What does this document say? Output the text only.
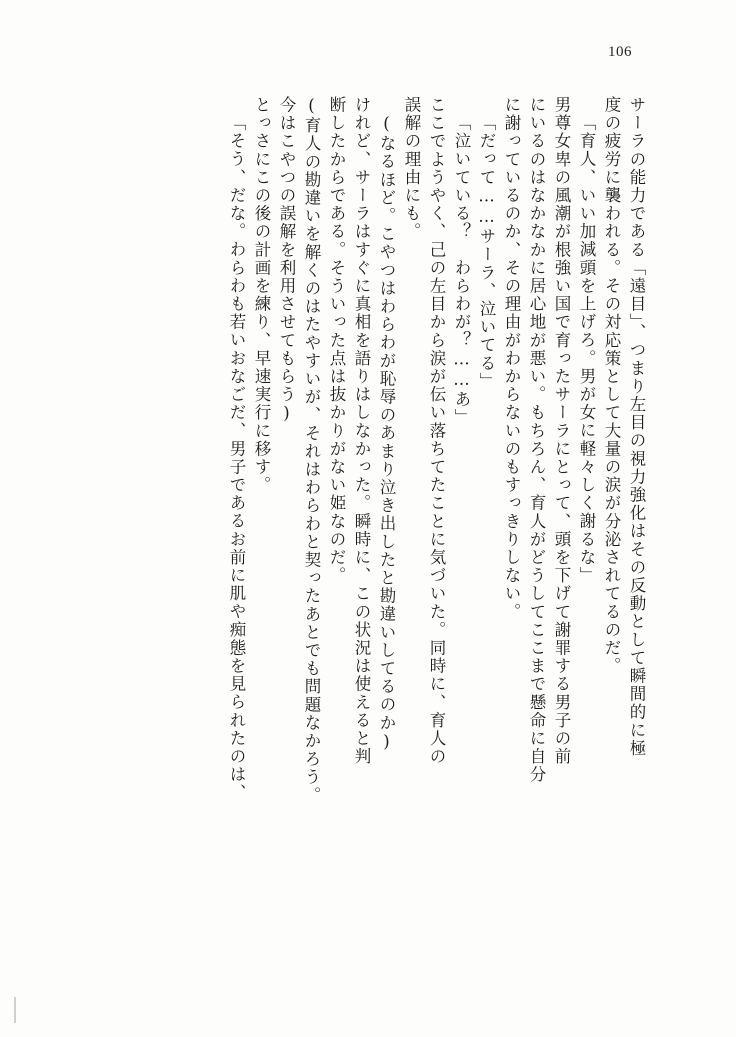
106
サーラの能力である「遠目」、つまり左目の視力強化はその反動として瞬間的に極
度の疲労に襲われる。その対応策として大量の涙が分泌されてるのだ。
「育人、いい加減頭を上げろ。男が女に軽々しく謝るな」
男尊女卑の風潮が根強い国で育ったサーラにとって、頭を下げて謝罪する男子の前
にいるのはなかなかに居心地が悪い。もちろん、育人がどうしてここまで懸命に自分
に謝っているのか、その理由がわからないのもすっきりしない。
「だって……サーラ、泣いてる」
「泣いている？　わらわが？……あ」
ここでようやく、己の左目から涙が伝い落ちてたことに気づいた。同時に、育人の
誤解の理由にも。
(なるほど。こやつはわらわが恥辱のあまり泣き出したと勘違いしてるのか)
けれど、サーラはすぐに真相を語りはしなかった。瞬時に、この状況は使えると判
断したからである。そういった点は抜かりがない姫なのだ。
(育人の勘違いを解くのはたやすいが、それはわらわと契ったあとでも問題なかろう。
今はこやつの誤解を利用させてもらう)
とっさにこの後の計画を練り、早速実行に移す。
「そう、だな。わらわも若いおなごだ、男子であるお前に肌や痴態を見られたのは、
